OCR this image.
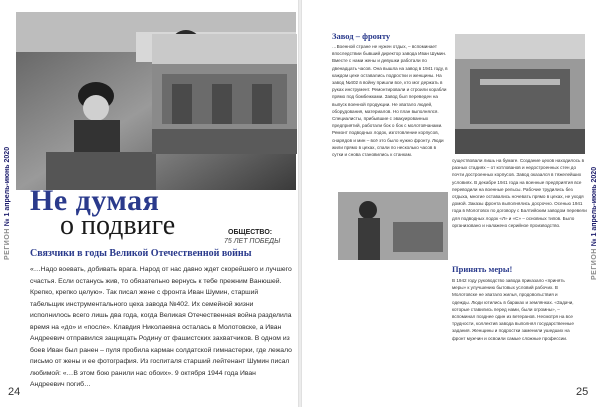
РЕГИОН № 1 апрель-июнь 2020
РЕГИОН № 1 апрель-июнь 2020
24	25
Не думая
о подвиге	ОБЩЕСТВО:
75 ЛЕТ ПОБЕДЫ
Связчики в годы Великой Отечественной войны

«…Надо воевать, добивать врага. Народ от нас давно ждет скорейшего и лучшего счастья. Если останусь жив, то обязательно вернусь к тебе прежним Ванюшей. Крепко, крепко целую». Так писал жене с фронта Иван Шумин, старший табельщик инструментального цеха завода №402. Их семейной жизни исполнилось всего лишь два года, когда Великая Отечественная война разделила время на «до» и «после». Клавдия Николаевна осталась в Молотовске, а Иван Андреевич отправился защищать Родину от фашистских захватчиков. В одном из боев Иван был ранен – пуля пробила карман солдатской гимнастерки, где лежало письмо от жены и ее фотография. Из госпиталя старший лейтенант Шумин писал любимой: «…В этом бою ранили нас обоих». 9 октября 1944 года Иван Андреевич погиб…

Завод – фронту

…Военной стране не нужен отдых, – вспоминает впоследствии бывший директор завода Иван Шумин. Вместе с нами жены и девушки работали по двенадцать часов. Она вышла на завод в 1941 году, в каждом цехе оставались подростки и женщины. На завод №402 в войну пришли все, кто мог держать в руках инструмент. Ремонтировали и строили корабли прямо под бомбежками. Завод был переведен на выпуск военной продукции. Не хватало людей, оборудования, материалов. Но план выполнялся. Специалисты, прибывшие с эвакуированных предприятий, работали бок о бок с молотовчанами. Ремонт подводных лодок, изготовление корпусов, снарядов и мин – всё это было нужно фронту. Люди жили прямо в цехах, спали по несколько часов в сутки и снова становились к станкам.

существовали лишь на бумаге. Создание цехов находилось в разных стадиях – от котлованов и недостроенных стен до почти достроенных корпусов. Завод оказался в тяжелейших условиях. В декабре 1941 года на военные предприятия все переводили на военные рельсы. Рабочие трудились без отдыха, многие оставались ночевать прямо в цехах, не уходя домой. Заказы фронта выполнялись досрочно. Осенью 1941 года в Молотовск по договору с Балтийским заводом перевели для подводных лодок «Л» и «С» – основных типов. Было организовано и налажено серийное производство.

Принять меры!

В 1942 году руководство завода приказало «принять меры» к улучшению бытовых условий рабочих. В Молотовске не хватало жилья, продовольствия и одежды. Люди ютились в бараках и землянках. «Задачи, которые ставились перед нами, были огромны», – вспоминал позднее один из ветеранов. Несмотря на все трудности, коллектив завода выполнял государственные задания. Женщины и подростки заменили ушедших на фронт мужчин и освоили самые сложные профессии.
